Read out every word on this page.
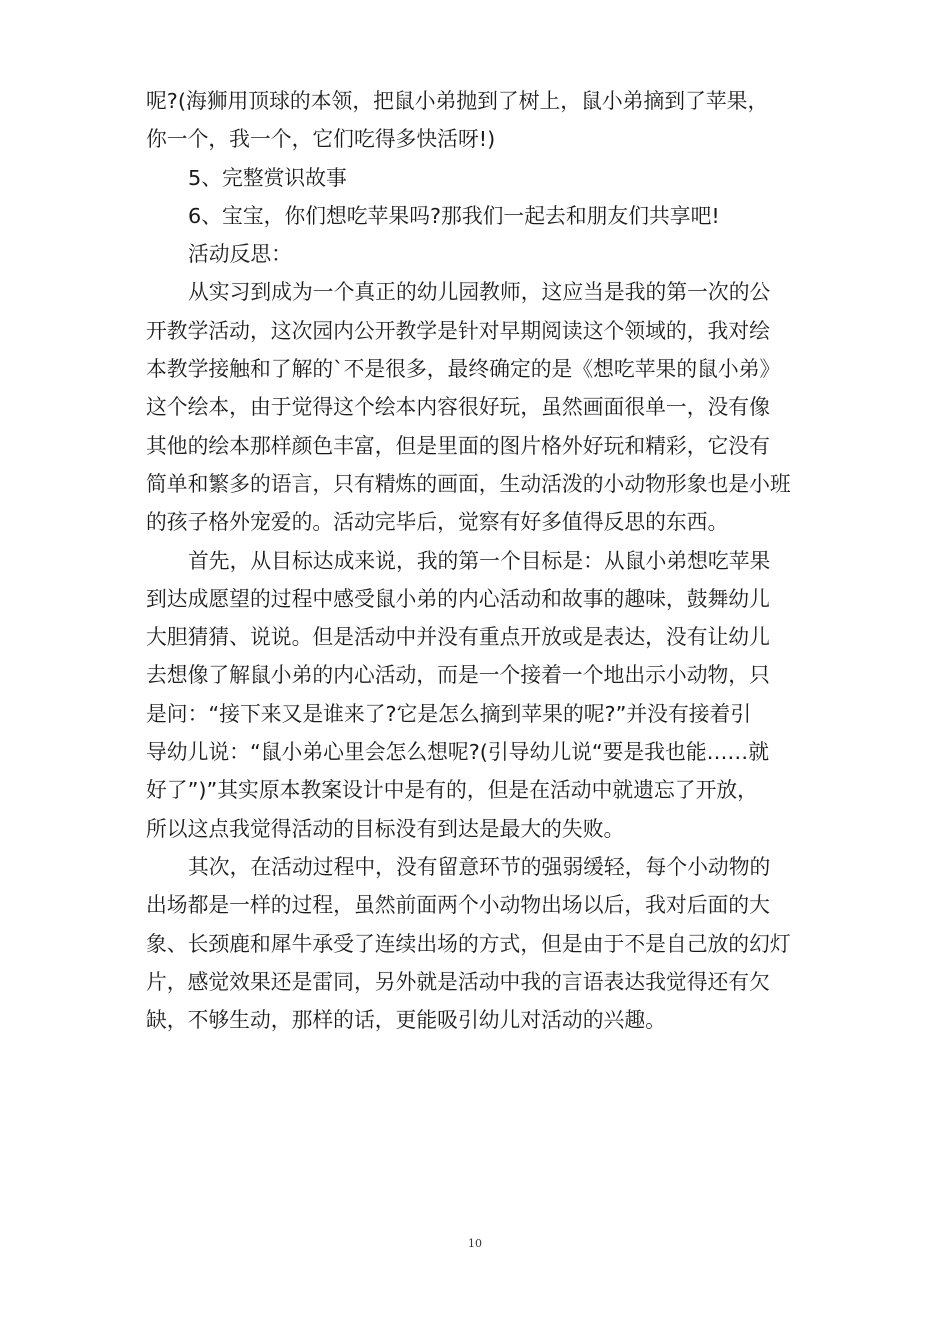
呢?(海狮用顶球的本领，把鼠小弟抛到了树上，鼠小弟摘到了苹果，
你一个，我一个，它们吃得多快活呀!)
5、完整赏识故事
6、宝宝，你们想吃苹果吗?那我们一起去和朋友们共享吧!
活动反思：
从实习到成为一个真正的幼儿园教师，这应当是我的第一次的公
开教学活动，这次园内公开教学是针对早期阅读这个领域的，我对绘
本教学接触和了解的`不是很多，最终确定的是《想吃苹果的鼠小弟》
这个绘本，由于觉得这个绘本内容很好玩，虽然画面很单一，没有像
其他的绘本那样颜色丰富，但是里面的图片格外好玩和精彩，它没有
简单和繁多的语言，只有精炼的画面，生动活泼的小动物形象也是小班
的孩子格外宠爱的。活动完毕后，觉察有好多值得反思的东西。
首先，从目标达成来说，我的第一个目标是：从鼠小弟想吃苹果
到达成愿望的过程中感受鼠小弟的内心活动和故事的趣味，鼓舞幼儿
大胆猜猜、说说。但是活动中并没有重点开放或是表达，没有让幼儿
去想像了解鼠小弟的内心活动，而是一个接着一个地出示小动物，只
是问：“接下来又是谁来了?它是怎么摘到苹果的呢?”并没有接着引
导幼儿说：“鼠小弟心里会怎么想呢?(引导幼儿说“要是我也能……就
好了”)”其实原本教案设计中是有的，但是在活动中就遗忘了开放，
所以这点我觉得活动的目标没有到达是最大的失败。
其次，在活动过程中，没有留意环节的强弱缓轻，每个小动物的
出场都是一样的过程，虽然前面两个小动物出场以后，我对后面的大
象、长颈鹿和犀牛承受了连续出场的方式，但是由于不是自己放的幻灯
片，感觉效果还是雷同，另外就是活动中我的言语表达我觉得还有欠
缺，不够生动，那样的话，更能吸引幼儿对活动的兴趣。
10
